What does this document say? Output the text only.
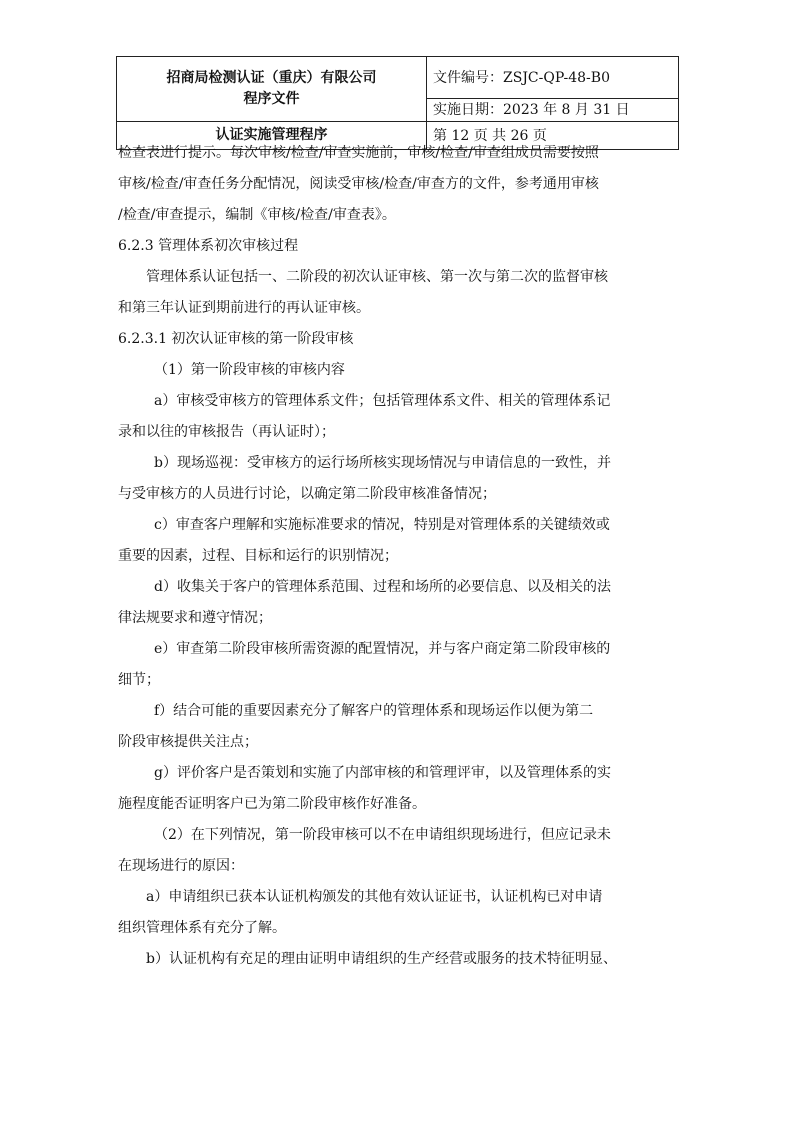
招商局检测认证（重庆）有限公司
程序文件	文件编号：ZSJC-QP-48-B0
	实施日期：2023 年 8 月 31 日
认证实施管理程序	第 12 页 共 26 页
检查表进行提示。每次审核/检查/审查实施前，审核/检查/审查组成员需要按照
审核/检查/审查任务分配情况，阅读受审核/检查/审查方的文件，参考通用审核
/检查/审查提示，编制《审核/检查/审查表》。
6.2.3 管理体系初次审核过程
管理体系认证包括一、二阶段的初次认证审核、第一次与第二次的监督审核
和第三年认证到期前进行的再认证审核。
6.2.3.1 初次认证审核的第一阶段审核
（1）第一阶段审核的审核内容
a）审核受审核方的管理体系文件；包括管理体系文件、相关的管理体系记
录和以往的审核报告（再认证时）；
b）现场巡视：受审核方的运行场所核实现场情况与申请信息的一致性，并
与受审核方的人员进行讨论，以确定第二阶段审核准备情况；
c）审查客户理解和实施标准要求的情况，特别是对管理体系的关键绩效或
重要的因素，过程、目标和运行的识别情况；
d）收集关于客户的管理体系范围、过程和场所的必要信息、以及相关的法
律法规要求和遵守情况；
e）审查第二阶段审核所需资源的配置情况，并与客户商定第二阶段审核的
细节；
f）结合可能的重要因素充分了解客户的管理体系和现场运作以便为第二
阶段审核提供关注点；
g）评价客户是否策划和实施了内部审核的和管理评审，以及管理体系的实
施程度能否证明客户已为第二阶段审核作好准备。
（2）在下列情况，第一阶段审核可以不在申请组织现场进行，但应记录未
在现场进行的原因：
a）申请组织已获本认证机构颁发的其他有效认证证书，认证机构已对申请
组织管理体系有充分了解。
b）认证机构有充足的理由证明申请组织的生产经营或服务的技术特征明显、
